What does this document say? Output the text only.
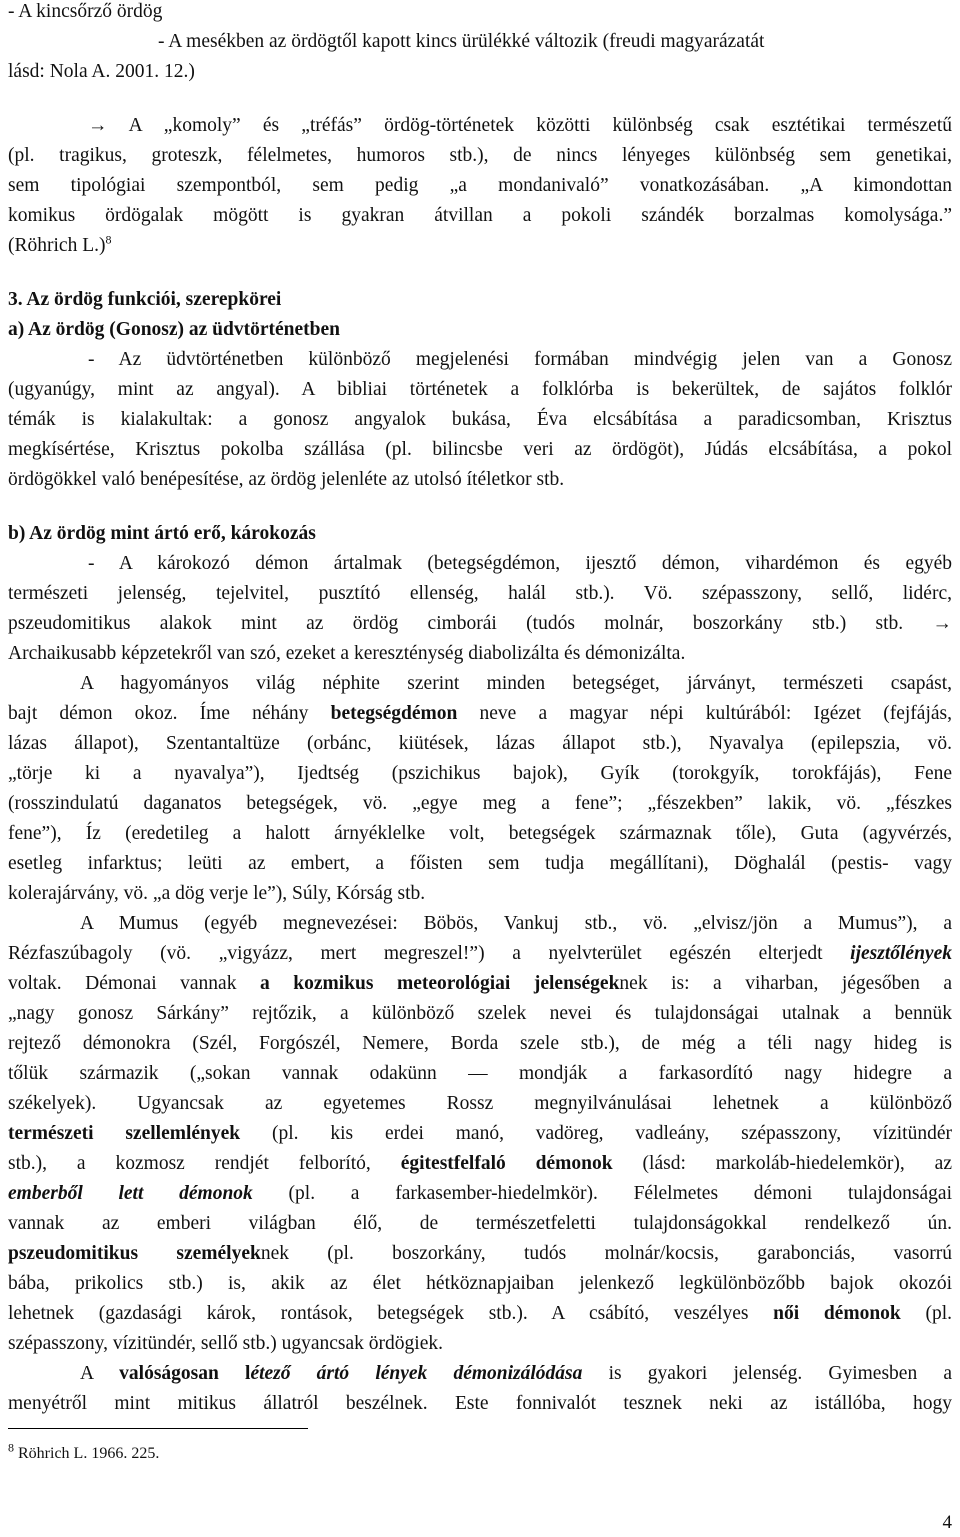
- A kincsőrző ördög
- A mesékben az ördögtől kapott kincs ürülékké változik (freudi magyarázatát
lásd: Nola A. 2001. 12.)
→ A „komoly” és „tréfás” ördög-történetek közötti különbség csak esztétikai természetű
(pl. tragikus, groteszk, félelmetes, humoros stb.), de nincs lényeges különbség sem genetikai,
sem tipológiai szempontból, sem pedig „a mondanivaló” vonatkozásában. „A kimondottan
komikus ördögalak mögött is gyakran átvillan a pokoli szándék borzalmas komolysága.”
(Röhrich L.)$^8$
3. Az ördög funkciói, szerepkörei
a) Az ördög (Gonosz) az üdvtörténetben
- Az üdvtörténetben különböző megjelenési formában mindvégig jelen van a Gonosz
(ugyanúgy, mint az angyal). A bibliai történetek a folklórba is bekerültek, de sajátos folklór
témák is kialakultak: a gonosz angyalok bukása, Éva elcsábítása a paradicsomban, Krisztus
megkísértése, Krisztus pokolba szállása (pl. bilincsbe veri az ördögöt), Júdás elcsábítása, a pokol
ördögökkel való benépesítése, az ördög jelenléte az utolsó ítéletkor stb.
b) Az ördög mint ártó erő, károkozás
- A károkozó démon ártalmak (betegségdémon, ijesztő démon, vihardémon és egyéb
természeti jelenség, tejelvitel, pusztító ellenség, halál stb.). Vö. szépasszony, sellő, lidérc,
pszeudomitikus alakok mint az ördög cimborái (tudós molnár, boszorkány stb.) stb. →
Archaikusabb képzetekről van szó, ezeket a kereszténység diabolizálta és démonizálta.
A hagyományos világ néphite szerint minden betegséget, járványt, természeti csapást,
bajt démon okoz. Íme néhány betegségdémon neve a magyar népi kultúrából: Igézet (fejfájás,
lázas állapot), Szentantaltüze (orbánc, kiütések, lázas állapot stb.), Nyavalya (epilepszia, vö.
„törje ki a nyavalya”), Ijedtség (pszichikus bajok), Gyík (torokgyík, torokfájás), Fene
(rosszindulatú daganatos betegségek, vö. „egye meg a fene”; „fészekben” lakik, vö. „fészkes
fene”), Íz (eredetileg a halott árnyéklelke volt, betegségek származnak tőle), Guta (agyvérzés,
esetleg infarktus; leüti az embert, a főisten sem tudja megállítani), Döghalál (pestis- vagy
kolerajárvány, vö. „a dög verje le”), Súly, Kórság stb.
A Mumus (egyéb megnevezései: Böbös, Vankuj stb., vö. „elvisz/jön a Mumus”), a
Rézfaszúbagoly (vö. „vigyázz, mert megreszel!”) a nyelvterület egészén elterjedt ijesztőlények
voltak. Démonai vannak a kozmikus meteorológiai jelenségeknek is: a viharban, jégesőben a
„nagy gonosz Sárkány” rejtőzik, a különböző szelek nevei és tulajdonságai utalnak a bennük
rejtező démonokra (Szél, Forgószél, Nemere, Borda szele stb.), de még a téli nagy hideg is
tőlük származik („sokan vannak odakünn — mondják a farkasordító nagy hidegre a
székelyek). Ugyancsak az egyetemes Rossz megnyilvánulásai lehetnek a különböző
természeti szellemlények (pl. kis erdei manó, vadöreg, vadleány, szépasszony, vízitündér
stb.), a kozmosz rendjét felborító, égitestfelfaló démonok (lásd: markoláb-hiedelemkör), az
emberből lett démonok (pl. a farkasember-hiedelmkör). Félelmetes démoni tulajdonságai
vannak az emberi világban élő, de természetfeletti tulajdonságokkal rendelkező ún.
pszeudomitikus személyeknek (pl. boszorkány, tudós molnár/kocsis, garabonciás, vasorrú
bába, prikolics stb.) is, akik az élet hétköznapjaiban jelenkező legkülönbözőbb bajok okozói
lehetnek (gazdasági károk, rontások, betegségek stb.). A csábító, veszélyes női démonok (pl.
szépasszony, vízitündér, sellő stb.) ugyancsak ördögiek.
A valóságosan létező ártó lények démonizálódása is gyakori jelenség. Gyimesben a
menyétről mint mitikus állatról beszélnek. Este fonnivalót tesznek neki az istállóba, hogy
$^8$ Röhrich L. 1966. 225.
4
